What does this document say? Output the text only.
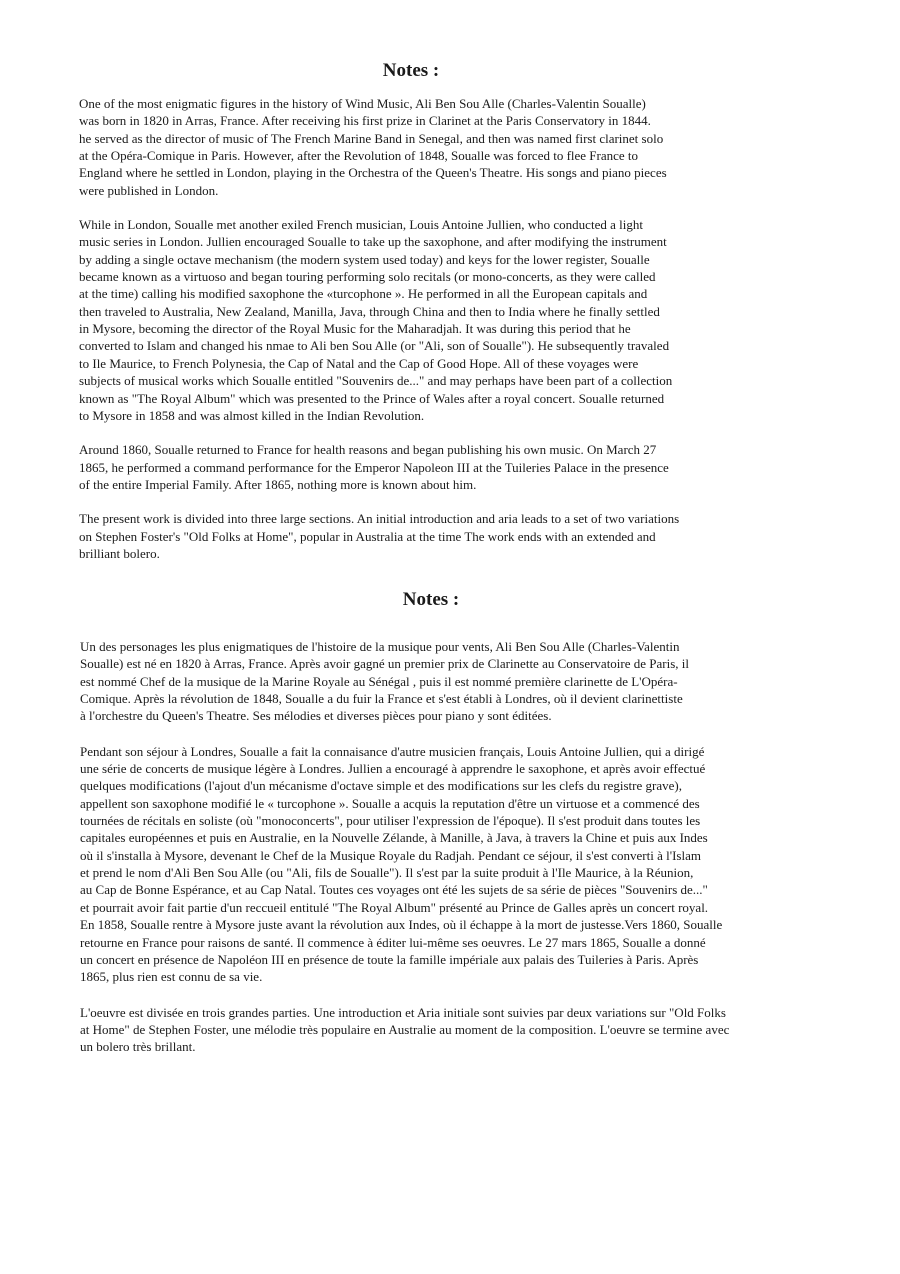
Notes :

One of the most enigmatic figures in the history of Wind Music, Ali Ben Sou Alle (Charles-Valentin Soualle)
was born in 1820 in Arras, France. After receiving his first prize in Clarinet at the Paris Conservatory in 1844.
he served as the director of music of The French Marine Band in Senegal, and then was named first clarinet solo
at the Opéra-Comique in Paris. However, after the Revolution of 1848, Soualle was forced to flee France to
England where he settled in London, playing in the Orchestra of the Queen's Theatre. His songs and piano pieces
were published in London.

While in London, Soualle met another exiled French musician, Louis Antoine Jullien, who conducted a light
music series in London. Jullien encouraged Soualle to take up the saxophone, and after modifying the instrument
by adding a single octave mechanism (the modern system used today) and keys for the lower register, Soualle
became known as a virtuoso and began touring performing solo recitals (or mono-concerts, as they were called
at the time) calling his modified saxophone the «turcophone ». He performed in all the European capitals and
then traveled to Australia, New Zealand, Manilla, Java, through China and then to India where he finally settled
in Mysore, becoming the director of the Royal Music for the Maharadjah. It was during this period that he
converted to Islam and changed his nmae to Ali ben Sou Alle (or "Ali, son of Soualle"). He subsequently travaled
to Ile Maurice, to French Polynesia, the Cap of Natal and the Cap of Good Hope. All of these voyages were
subjects of musical works which Soualle entitled "Souvenirs de..." and may perhaps have been part of a collection
known as "The Royal Album" which was presented to the Prince of Wales after a royal concert. Soualle returned
to Mysore in 1858 and was almost killed in the Indian Revolution.

Around 1860, Soualle returned to France for health reasons and began publishing his own music. On March 27
1865, he performed a command performance for the Emperor Napoleon III at the Tuileries Palace in the presence
of the entire Imperial Family. After 1865, nothing more is known about him.

The present work is divided into three large sections. An initial introduction and aria leads to a set of two variations
on Stephen Foster's "Old Folks at Home", popular in Australia at the time The work ends with an extended and
brilliant bolero.

Notes :

Un des personages les plus enigmatiques de l'histoire de la musique pour vents, Ali Ben Sou Alle (Charles-Valentin
Soualle) est né en 1820 à Arras, France. Après avoir gagné un premier prix de Clarinette au Conservatoire de Paris, il
est nommé Chef de la musique de la Marine Royale au Sénégal , puis il est nommé première clarinette de L'Opéra-
Comique. Après la révolution de 1848, Soualle a du fuir la France et s'est établi à Londres, où il devient clarinettiste
à l'orchestre du Queen's Theatre. Ses mélodies et diverses pièces pour piano y sont éditées.

Pendant son séjour à Londres, Soualle a fait la connaisance d'autre musicien français, Louis Antoine Jullien, qui a dirigé
une série de concerts de musique légère à Londres. Jullien a encouragé à apprendre le saxophone, et après avoir effectué
quelques modifications (l'ajout d'un mécanisme d'octave simple et des modifications sur les clefs du registre grave),
appellent son saxophone modifié le « turcophone ». Soualle a acquis la reputation d'être un virtuose et a commencé des
tournées de récitals en soliste (où "monoconcerts", pour utiliser l'expression de l'époque). Il s'est produit dans toutes les
capitales européennes et puis en Australie, en la Nouvelle Zélande, à Manille, à Java, à travers la Chine et puis aux Indes
où il s'installa à Mysore, devenant le Chef de la Musique Royale du Radjah. Pendant ce séjour, il s'est converti à l'Islam
et prend le nom d'Ali Ben Sou Alle (ou "Ali, fils de Soualle"). Il s'est par la suite produit à l'Ile Maurice, à la Réunion,
au Cap de Bonne Espérance, et au Cap Natal. Toutes ces voyages ont été les sujets de sa série de pièces "Souvenirs de..."
et pourrait avoir fait partie d'un reccueil entitulé "The Royal Album" présenté au Prince de Galles après un concert royal.
En 1858, Soualle rentre à Mysore juste avant la révolution aux Indes, où il échappe à la mort de justesse.Vers 1860, Soualle
retourne en France pour raisons de santé. Il commence à éditer lui-même ses oeuvres. Le 27 mars 1865, Soualle a donné
un concert en présence de Napoléon III en présence de toute la famille impériale aux palais des Tuileries à Paris. Après
1865, plus rien est connu de sa vie.

L'oeuvre est divisée en trois grandes parties. Une introduction et Aria initiale sont suivies par deux variations sur "Old Folks
at Home" de Stephen Foster, une mélodie très populaire en Australie au moment de la composition. L'oeuvre se termine avec
un bolero très brillant.
